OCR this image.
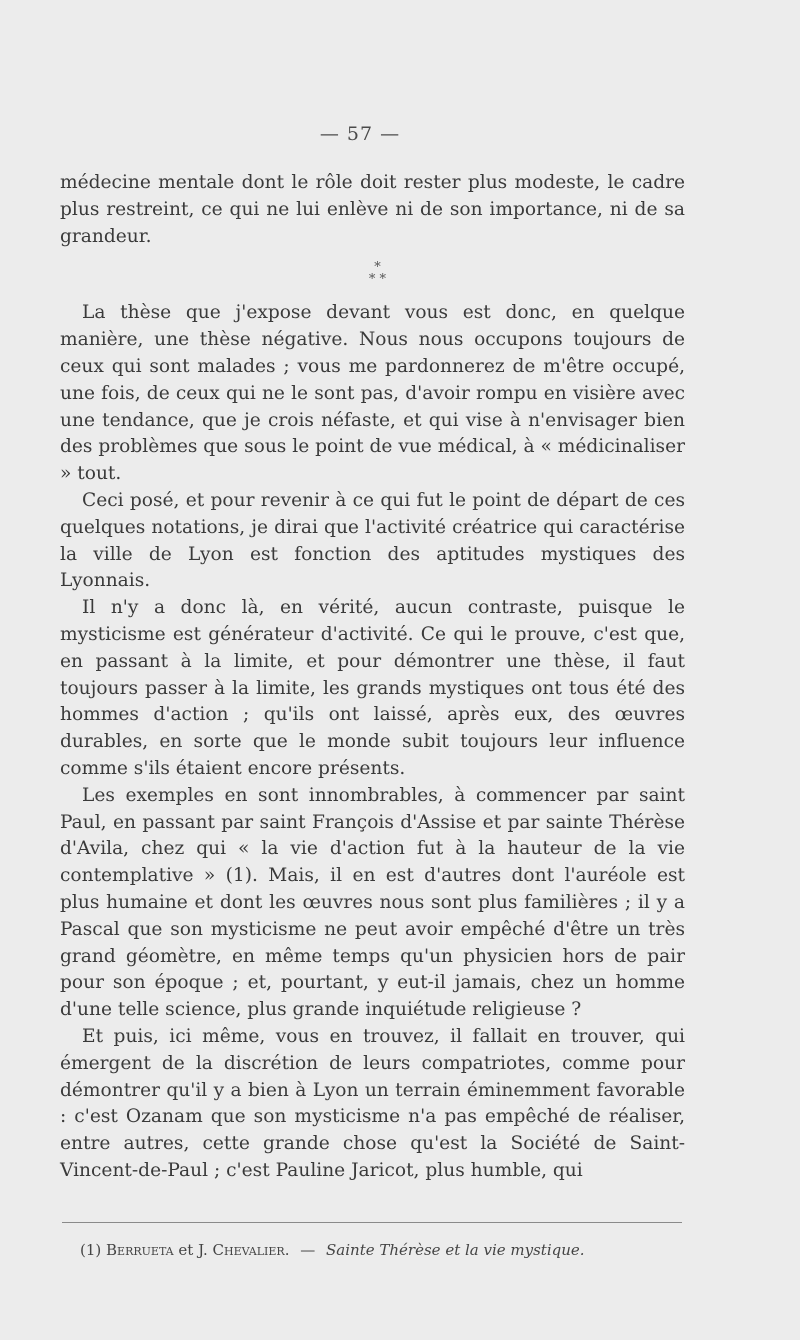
— 57 —

médecine mentale dont le rôle doit rester plus modeste, le cadre plus restreint, ce qui ne lui enlève ni de son importance, ni de sa grandeur.

*
* *

La thèse que j'expose devant vous est donc, en quelque manière, une thèse négative. Nous nous occupons toujours de ceux qui sont malades ; vous me pardonnerez de m'être occupé, une fois, de ceux qui ne le sont pas, d'avoir rompu en visière avec une tendance, que je crois néfaste, et qui vise à n'envisager bien des problèmes que sous le point de vue médical, à « médicinaliser » tout.

Ceci posé, et pour revenir à ce qui fut le point de départ de ces quelques notations, je dirai que l'activité créatrice qui caractérise la ville de Lyon est fonction des aptitudes mystiques des Lyonnais.

Il n'y a donc là, en vérité, aucun contraste, puisque le mysticisme est générateur d'activité. Ce qui le prouve, c'est que, en passant à la limite, et pour démontrer une thèse, il faut toujours passer à la limite, les grands mystiques ont tous été des hommes d'action ; qu'ils ont laissé, après eux, des œuvres durables, en sorte que le monde subit toujours leur influence comme s'ils étaient encore présents.

Les exemples en sont innombrables, à commencer par saint Paul, en passant par saint François d'Assise et par sainte Thérèse d'Avila, chez qui « la vie d'action fut à la hauteur de la vie contemplative » (1). Mais, il en est d'autres dont l'auréole est plus humaine et dont les œuvres nous sont plus familières ; il y a Pascal que son mysticisme ne peut avoir empêché d'être un très grand géomètre, en même temps qu'un physicien hors de pair pour son époque ; et, pourtant, y eut-il jamais, chez un homme d'une telle science, plus grande inquiétude religieuse ?

Et puis, ici même, vous en trouvez, il fallait en trouver, qui émergent de la discrétion de leurs compatriotes, comme pour démontrer qu'il y a bien à Lyon un terrain éminemment favorable : c'est Ozanam que son mysticisme n'a pas empêché de réaliser, entre autres, cette grande chose qu'est la Société de Saint-Vincent-de-Paul ; c'est Pauline Jaricot, plus humble, qui

(1) Berrueta et J. Chevalier. — Sainte Thérèse et la vie mystique.
